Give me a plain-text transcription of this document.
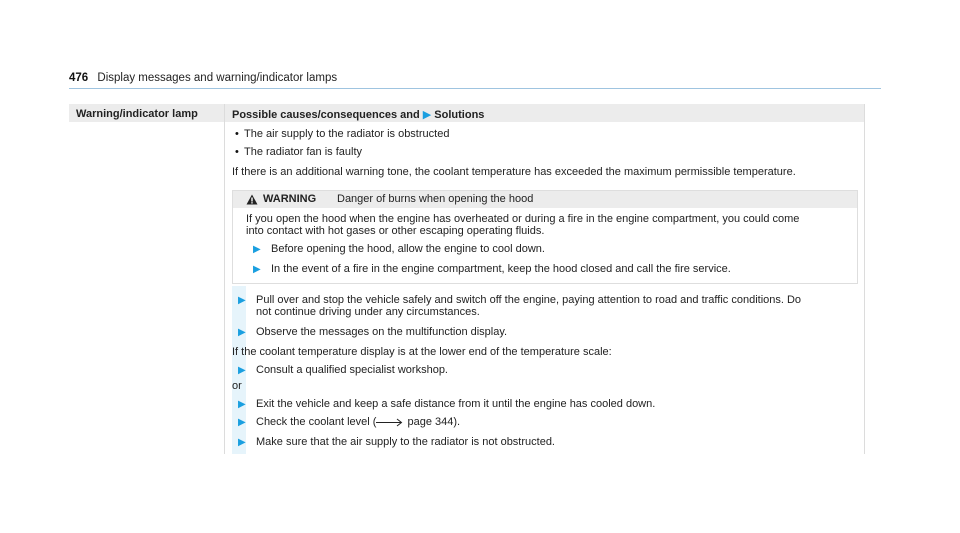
476 Display messages and warning/indicator lamps
Warning/indicator lamp	Possible causes/consequences and ▶ Solutions
• The air supply to the radiator is obstructed
• The radiator fan is faulty
If there is an additional warning tone, the coolant temperature has exceeded the maximum permissible temperature.
WARNING Danger of burns when opening the hood
If you open the hood when the engine has overheated or during a fire in the engine compartment, you could come
into contact with hot gases or other escaping operating fluids.
▶ Before opening the hood, allow the engine to cool down.
▶ In the event of a fire in the engine compartment, keep the hood closed and call the fire service.
▶ Pull over and stop the vehicle safely and switch off the engine, paying attention to road and traffic conditions. Do
not continue driving under any circumstances.
▶ Observe the messages on the multifunction display.
If the coolant temperature display is at the lower end of the temperature scale:
▶ Consult a qualified specialist workshop.
or
▶ Exit the vehicle and keep a safe distance from it until the engine has cooled down.
▶ Check the coolant level (	page 344).
▶ Make sure that the air supply to the radiator is not obstructed.
